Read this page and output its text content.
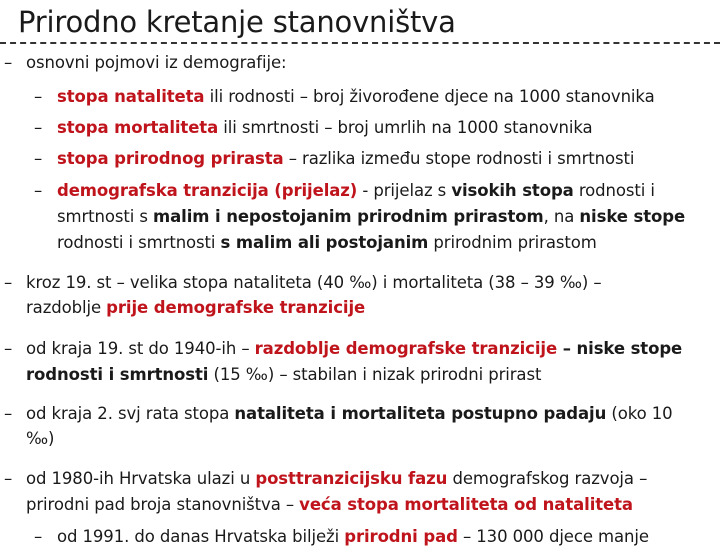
Prirodno kretanje stanovništva
– osnovni pojmovi iz demografije:
– stopa nataliteta ili rodnosti – broj živorođene djece na 1000 stanovnika
– stopa mortaliteta ili smrtnosti – broj umrlih na 1000 stanovnika
– stopa prirodnog prirasta – razlika između stope rodnosti i smrtnosti
– demografska tranzicija (prijelaz) - prijelaz s visokih stopa rodnosti i
smrtnosti s malim i nepostojanim prirodnim prirastom, na niske stope
rodnosti i smrtnosti s malim ali postojanim prirodnim prirastom
– kroz 19. st – velika stopa nataliteta (40 ‰) i mortaliteta (38 – 39 ‰) –
razdoblje prije demografske tranzicije
– od kraja 19. st do 1940-ih – razdoblje demografske tranzicije – niske stope
rodnosti i smrtnosti (15 ‰) – stabilan i nizak prirodni prirast
– od kraja 2. svj rata stopa nataliteta i mortaliteta postupno padaju (oko 10
‰)
– od 1980-ih Hrvatska ulazi u posttranzicijsku fazu demografskog razvoja –
prirodni pad broja stanovništva – veća stopa mortaliteta od nataliteta
– od 1991. do danas Hrvatska bilježi prirodni pad – 130 000 djece manje
